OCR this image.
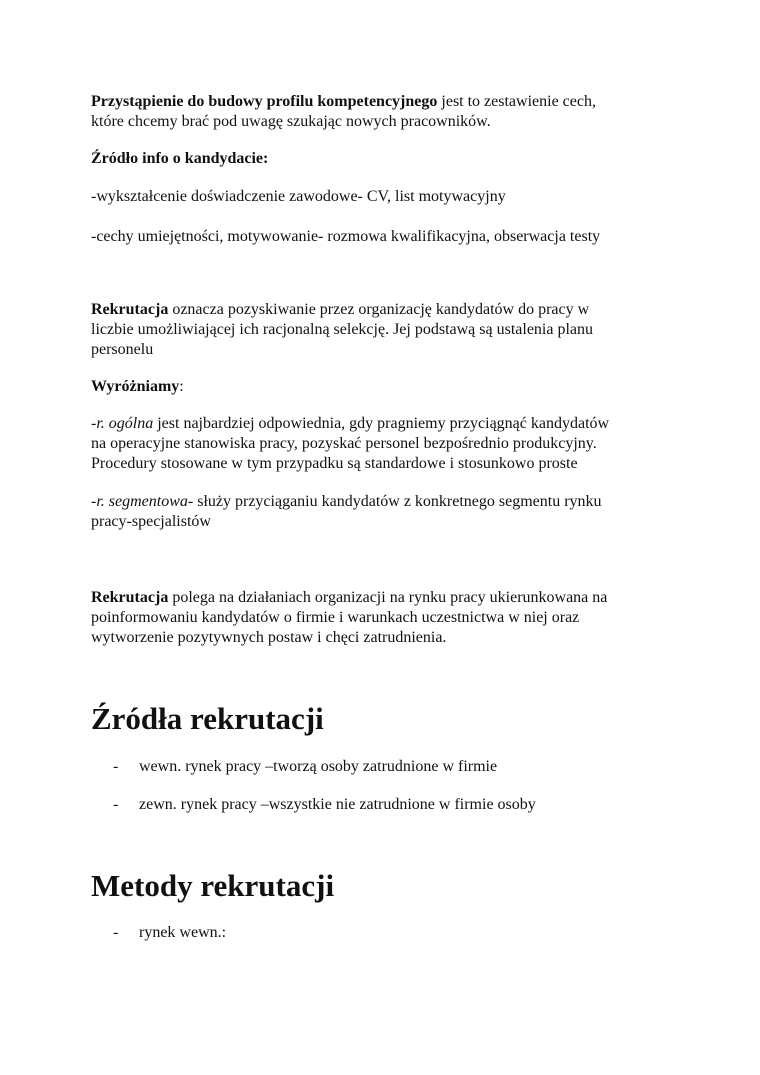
Przystąpienie do budowy profilu kompetencyjnego jest to zestawienie cech,
które chcemy brać pod uwagę szukając nowych pracowników.
Źródło info o kandydacie:
-wykształcenie doświadczenie zawodowe- CV, list motywacyjny
-cechy umiejętności, motywowanie- rozmowa kwalifikacyjna, obserwacja testy
Rekrutacja oznacza pozyskiwanie przez organizację kandydatów do pracy w
liczbie umożliwiającej ich racjonalną selekcję. Jej podstawą są ustalenia planu
personelu
Wyróżniamy:
-r. ogólna jest najbardziej odpowiednia, gdy pragniemy przyciągnąć kandydatów
na operacyjne stanowiska pracy, pozyskać personel bezpośrednio produkcyjny.
Procedury stosowane w tym przypadku są standardowe i stosunkowo proste
-r. segmentowa- służy przyciąganiu kandydatów z konkretnego segmentu rynku
pracy-specjalistów
Rekrutacja polega na działaniach organizacji na rynku pracy ukierunkowana na
poinformowaniu kandydatów o firmie i warunkach uczestnictwa w niej oraz
wytworzenie pozytywnych postaw i chęci zatrudnienia.
Źródła rekrutacji
- wewn. rynek pracy –tworzą osoby zatrudnione w firmie
- zewn. rynek pracy –wszystkie nie zatrudnione w firmie osoby
Metody rekrutacji
- rynek wewn.:
